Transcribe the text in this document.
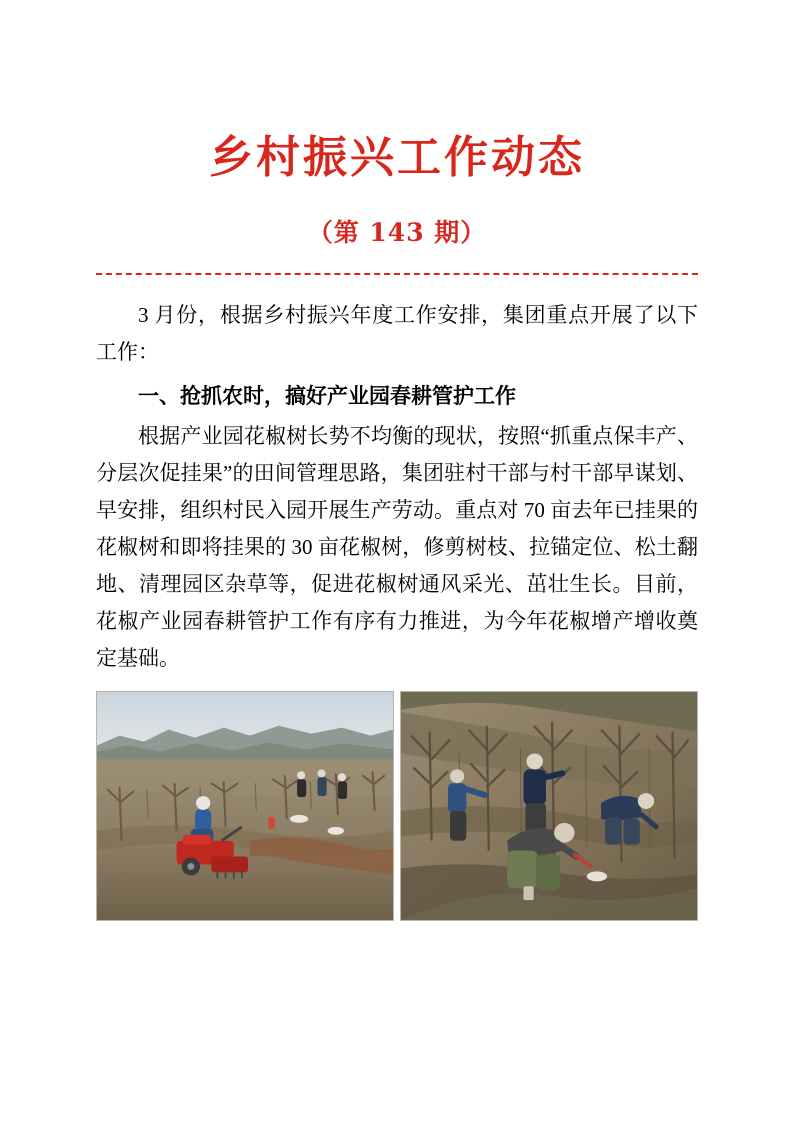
乡村振兴工作动态
（第 143 期）

3 月份，根据乡村振兴年度工作安排，集团重点开展了以下工作：

一、抢抓农时，搞好产业园春耕管护工作

根据产业园花椒树长势不均衡的现状，按照“抓重点保丰产、分层次促挂果”的田间管理思路，集团驻村干部与村干部早谋划、早安排，组织村民入园开展生产劳动。重点对 70 亩去年已挂果的花椒树和即将挂果的 30 亩花椒树，修剪树枝、拉锚定位、松土翻地、清理园区杂草等，促进花椒树通风采光、茁壮生长。目前，花椒产业园春耕管护工作有序有力推进，为今年花椒增产增收奠定基础。
